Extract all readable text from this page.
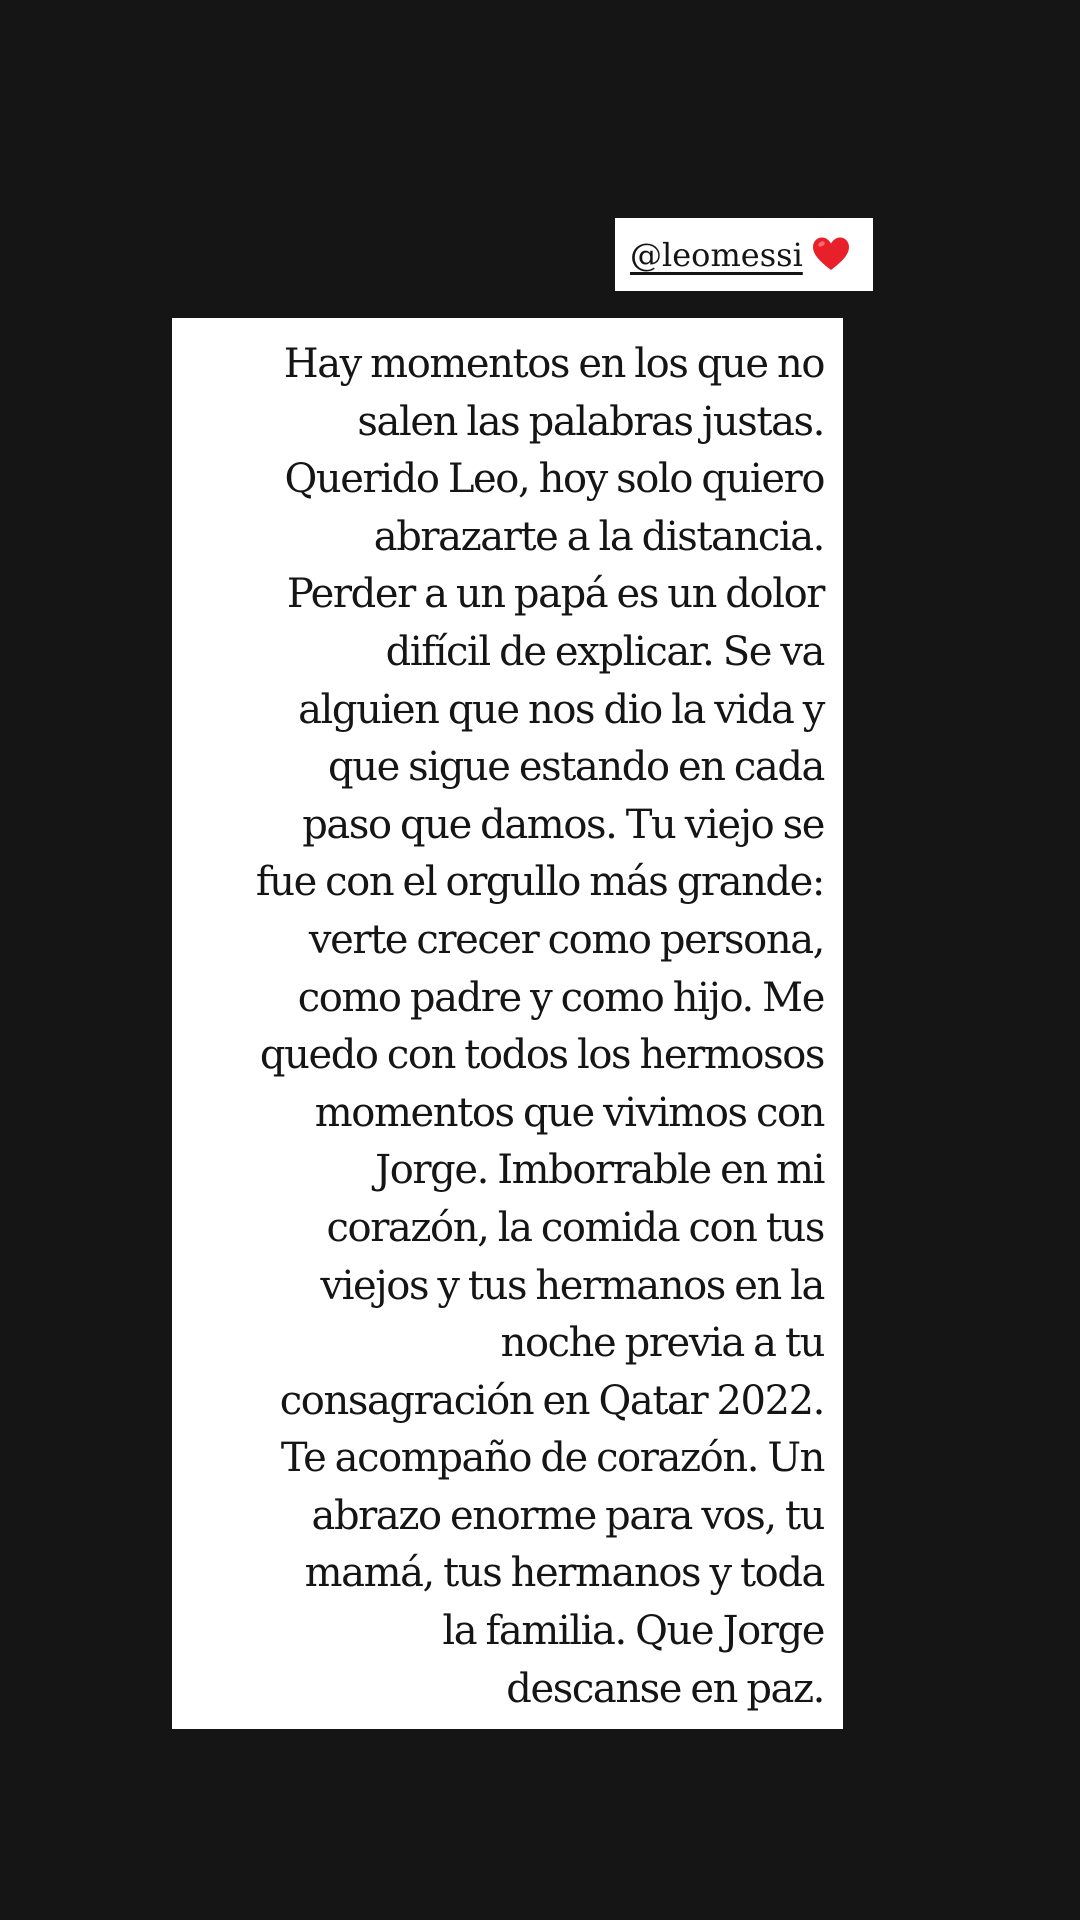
@leomessi
Hay momentos en los que no
salen las palabras justas.
Querido Leo, hoy solo quiero
abrazarte a la distancia.
Perder a un papá es un dolor
difícil de explicar. Se va
alguien que nos dio la vida y
que sigue estando en cada
paso que damos. Tu viejo se
fue con el orgullo más grande:
verte crecer como persona,
como padre y como hijo. Me
quedo con todos los hermosos
momentos que vivimos con
Jorge. Imborrable en mi
corazón, la comida con tus
viejos y tus hermanos en la
noche previa a tu
consagración en Qatar 2022.
Te acompaño de corazón. Un
abrazo enorme para vos, tu
mamá, tus hermanos y toda
la familia. Que Jorge
descanse en paz.
